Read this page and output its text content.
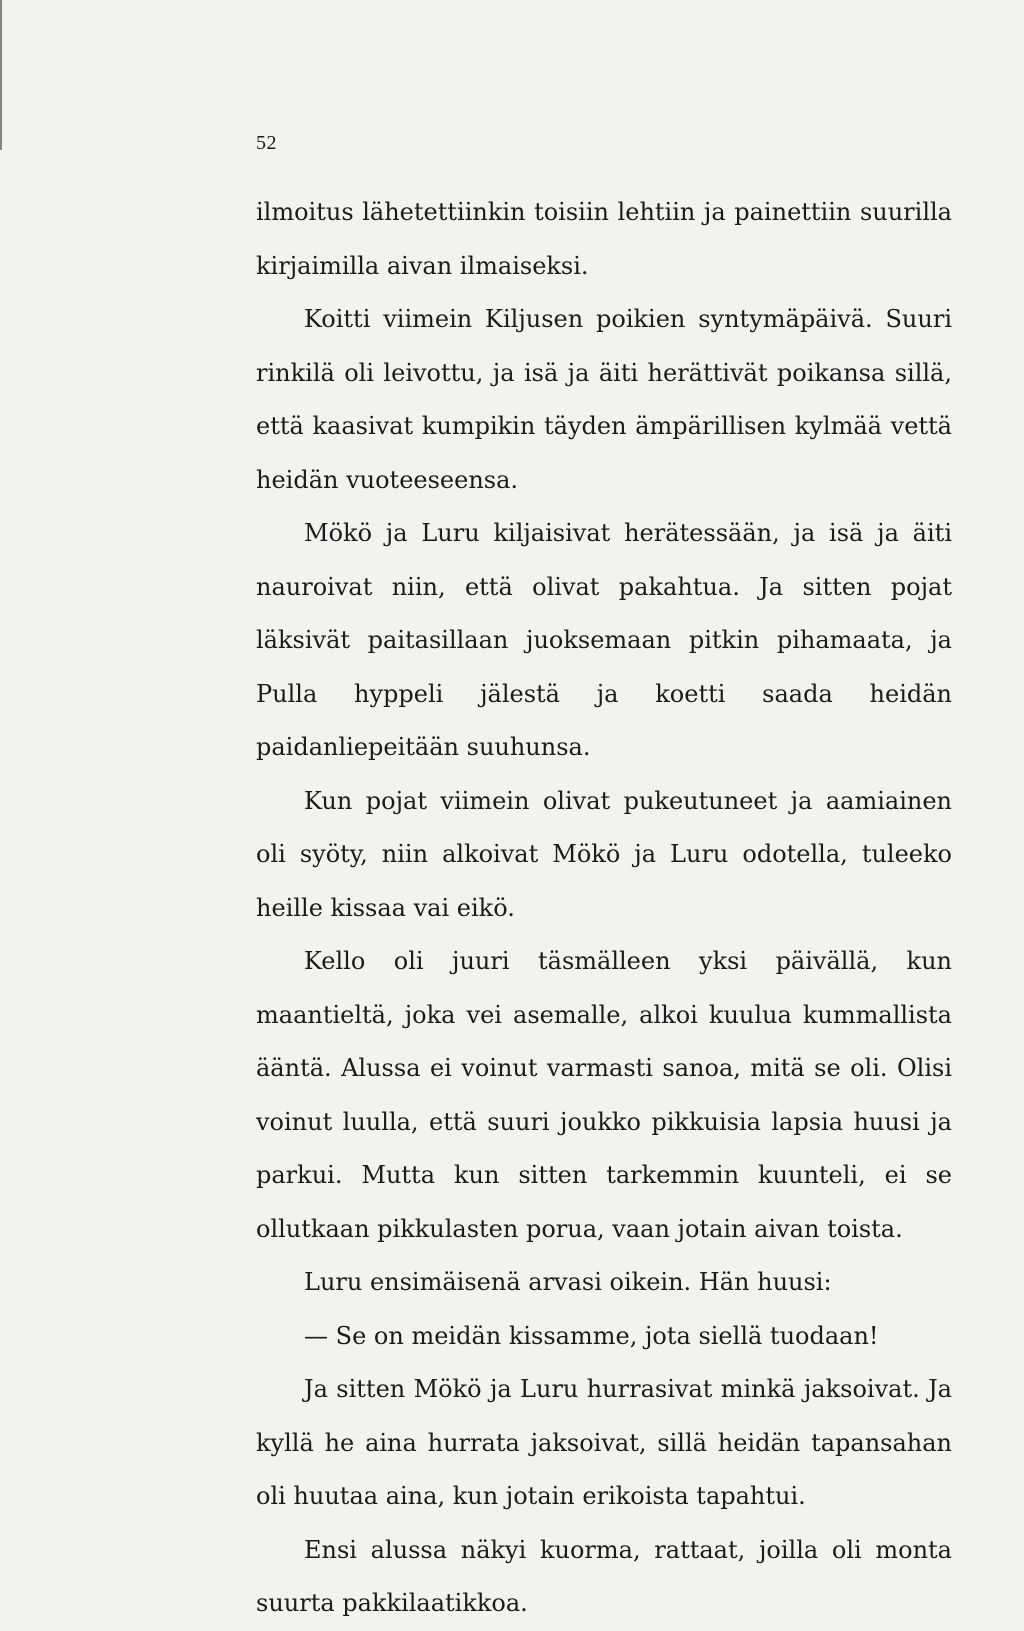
52

ilmoitus lähetettiinkin toisiin lehtiin ja painettiin suurilla kirjaimilla aivan ilmaiseksi.

Koitti viimein Kiljusen poikien syntymäpäivä. Suuri rinkilä oli leivottu, ja isä ja äiti herättivät poikansa sillä, että kaasivat kumpikin täyden ämpärillisen kylmää vettä heidän vuoteeseensa.

Mökö ja Luru kiljaisivat herätessään, ja isä ja äiti nauroivat niin, että olivat pakahtua. Ja sitten pojat läksivät paitasillaan juoksemaan pitkin pihamaata, ja Pulla hyppeli jälestä ja koetti saada heidän paidanliepeitään suuhunsa.

Kun pojat viimein olivat pukeutuneet ja aamiainen oli syöty, niin alkoivat Mökö ja Luru odotella, tuleeko heille kissaa vai eikö.

Kello oli juuri täsmälleen yksi päivällä, kun maantieltä, joka vei asemalle, alkoi kuulua kummallista ääntä. Alussa ei voinut varmasti sanoa, mitä se oli. Olisi voinut luulla, että suuri joukko pikkuisia lapsia huusi ja parkui. Mutta kun sitten tarkemmin kuunteli, ei se ollutkaan pikkulasten porua, vaan jotain aivan toista.

Luru ensimäisenä arvasi oikein. Hän huusi:

— Se on meidän kissamme, jota siellä tuodaan!

Ja sitten Mökö ja Luru hurrasivat minkä jaksoivat. Ja kyllä he aina hurrata jaksoivat, sillä heidän tapansahan oli huutaa aina, kun jotain erikoista tapahtui.

Ensi alussa näkyi kuorma, rattaat, joilla oli monta suurta pakkilaatikkoa.
